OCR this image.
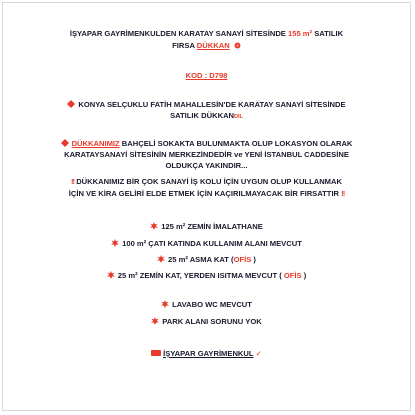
İŞYAPAR GAYRİMENKULDEN KARATAY SANAYİ SİTESİNDE 155 m² SATILIK
FIRSA DÜKKAN
KOD : D798
KONYA SELÇUKLU FATİH MAHALLESİN'DE KARATAY SANAYİ SİTESİNDE
SATILIK DÜKKANDIL
DÜKKANIMIZ BAHÇELİ SOKAKTA BULUNMAKTA OLUP LOKASYON OLARAK
KARATAYSANAYİ SİTESİNİN MERKEZİNDEDİR ve YENİ İSTANBUL CADDESİNE
OLDUKÇA YAKINDIR...
!! DÜKKANIMIZ BİR ÇOK SANAYİ İŞ KOLU İÇİN UYGUN OLUP KULLANMAK
İÇİN VE KİRA GELİRİ ELDE ETMEK İÇİN KAÇIRILMAYACAK BİR FIRSATTIR !!
125 m² ZEMİN İMALATHANE
100 m² ÇATI KATINDA KULLANIM ALANI MEVCUT
25 m² ASMA KAT (OFİS )
25 m² ZEMİN KAT, YERDEN ISITMA MEVCUT ( OFİS )
LAVABO WC MEVCUT
PARK ALANI SORUNU YOK
İŞYAPAR GAYRİMENKUL ✓
